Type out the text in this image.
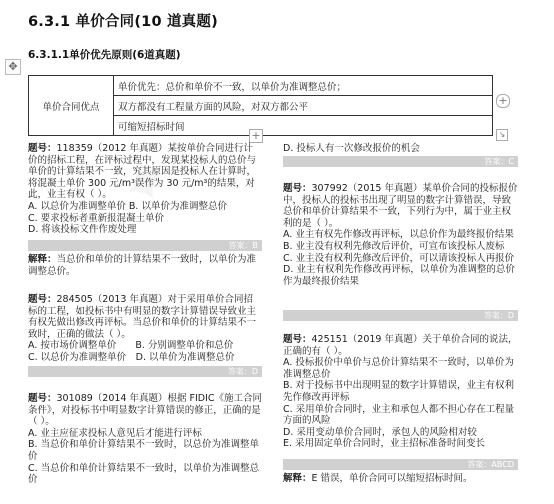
6.3.1 单价合同(10 道真题)
6.3.1.1单价优先原则(6道真题)
✥
单价合同优点	单价优先：总价和单价不一致，以单价为准调整总价；
双方都没有工程量方面的风险，对双方都公平
可缩短招标时间
+
+	↘

题号：118359（2012 年真题）某按单价合同进行计价的招标工程，在评标过程中，发现某投标人的总价与单价的计算结果不一致，究其原因是投标人在计算时，将混凝土单价 300 元/m³误作为 30 元/m³的结果，对此，业主有权（ ）。

A. 以总价为准调整单价 B. 以单价为准调整总价

C. 要求投标者重新报混凝土单价

D. 将该投标文件作废处理

答案：B

解释：当总价和单价的计算结果不一致时，以单价为准调整总价。

题号：284505（2013 年真题）对于采用单价合同招标的工程，如投标书中有明显的数字计算错误导致业主有权先做出修改再评标。当总价和单价的计算结果不一致时，正确的做法（ ）。

A. 按市场价调整单价　　B. 分别调整单价和总价

C. 以总价为准调整单价　D. 以单价为准调整总价

答案：D

题号：301089（2014 年真题）根据 FIDIC《施工合同条件》，对投标书中明显数字计算错误的修正，正确的是（ ）。

A. 业主应征求投标人意见后才能进行评标

B. 当总价和单价计算结果不一致时，以总价为准调整单价

C. 当总价和单价计算结果不一致时，以单价为准调整总价

D. 投标人有一次修改报价的机会
答案：C

题号：307992（2015 年真题）某单价合同的投标报价中，投标人的投标书出现了明显的数字计算错误，导致总价和单价计算结果不一致，下列行为中，属于业主权利的是（ ）。

A. 业主有权先作修改再评标，以总价作为最终报价结果

B. 业主没有权利先修改后评价，可宣布该投标人废标

C. 业主没有权利先修改后评价，可以请该投标人再报价

D. 业主有权利先作修改再评标，以单价为准调整的总价作为最终报价结果

答案：D

题号：425151（2019 年真题）关于单价合同的说法，正确的有（ ）。

A. 投标报价中单价与总价计算结果不一致时，以单价为准调整总价

B. 对于投标书中出现明显的数字计算错误，业主有权利先作修改再评标

C. 采用单价合同时，业主和承包人都不担心存在工程量方面的风险

D. 采用变动单价合同时，承包人的风险相对较

E. 采用固定单价合同时，业主招标准备时间变长

答案：ABCD

解释：E 错误，单价合同可以缩短招标时间。
